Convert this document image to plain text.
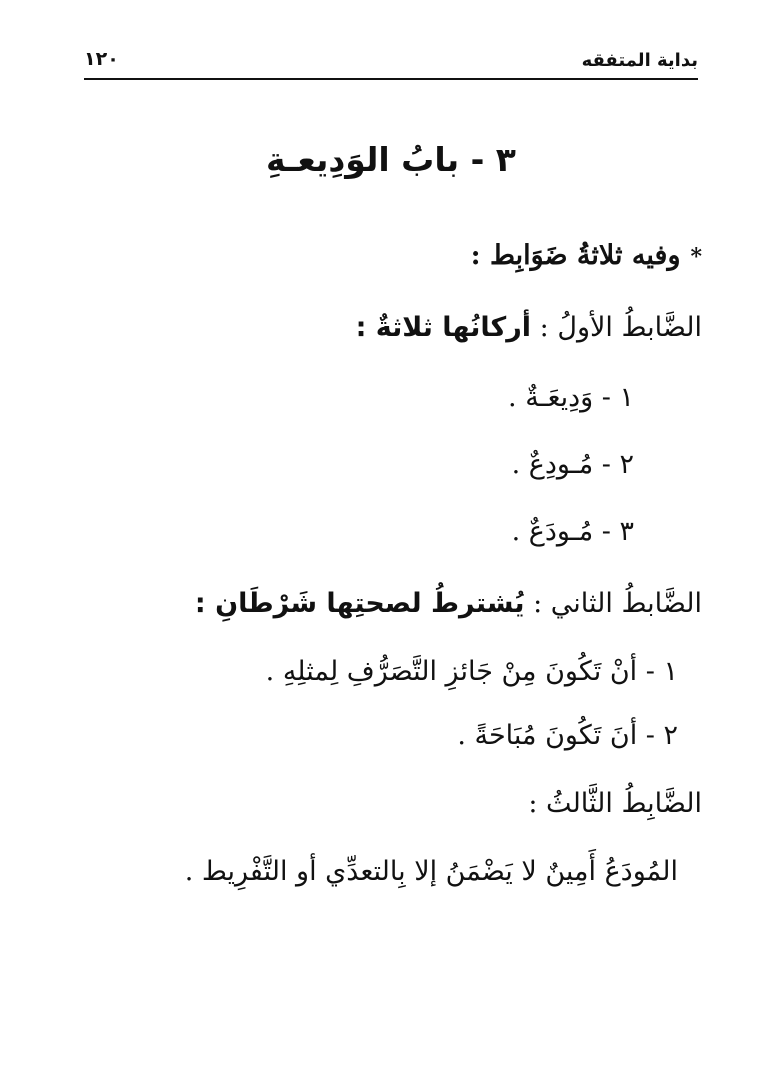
بداية المتفقه
١٢٠
٣ - بابُ الوَدِيعـةِ
*وفيه ثلاثةُ ضَوَابِط :
الضَّابطُ الأولُ : أركانُها ثلاثةٌ :
١ - وَدِيعَـةٌ .
٢ - مُـودِعٌ .
٣ - مُـودَعٌ .
الضَّابطُ الثاني : يُشترطُ لصحتِها شَرْطَانِ :
١ - أنْ تَكُونَ مِنْ جَائزِ التَّصَرُّفِ لِمثلِهِ .
٢ - أنَ تَكُونَ مُبَاحَةً .
الضَّابِطُ الثَّالثُ :
المُودَعُ أَمِينٌ لا يَضْمَنُ إلا بِالتعدِّي أو التَّفْرِيط .
